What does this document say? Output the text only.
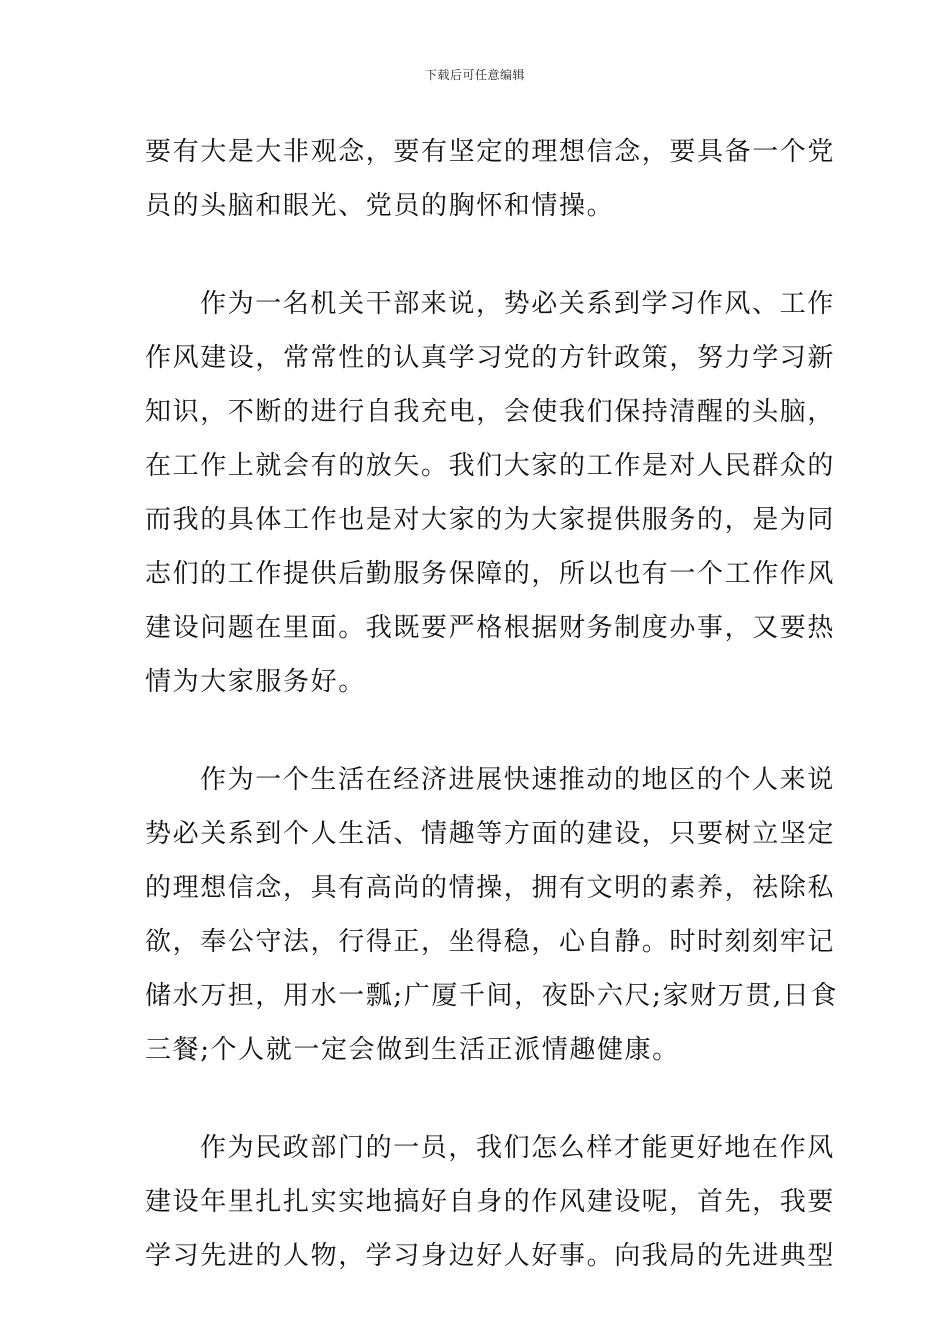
下载后可任意编辑
要有大是大非观念，要有坚定的理想信念，要具备一个党
员的头脑和眼光、党员的胸怀和情操。
作为一名机关干部来说，势必关系到学习作风、工作
作风建设，常常性的认真学习党的方针政策，努力学习新
知识，不断的进行自我充电，会使我们保持清醒的头脑，
在工作上就会有的放矢。我们大家的工作是对人民群众的
而我的具体工作也是对大家的为大家提供服务的，是为同
志们的工作提供后勤服务保障的，所以也有一个工作作风
建设问题在里面。我既要严格根据财务制度办事，又要热
情为大家服务好。
作为一个生活在经济进展快速推动的地区的个人来说
势必关系到个人生活、情趣等方面的建设，只要树立坚定
的理想信念，具有高尚的情操，拥有文明的素养，祛除私
欲，奉公守法，行得正，坐得稳，心自静。时时刻刻牢记
储水万担，用水一瓢;广厦千间，夜卧六尺;家财万贯,日食
三餐;个人就一定会做到生活正派情趣健康。
作为民政部门的一员，我们怎么样才能更好地在作风
建设年里扎扎实实地搞好自身的作风建设呢，首先，我要
学习先进的人物，学习身边好人好事。向我局的先进典型
